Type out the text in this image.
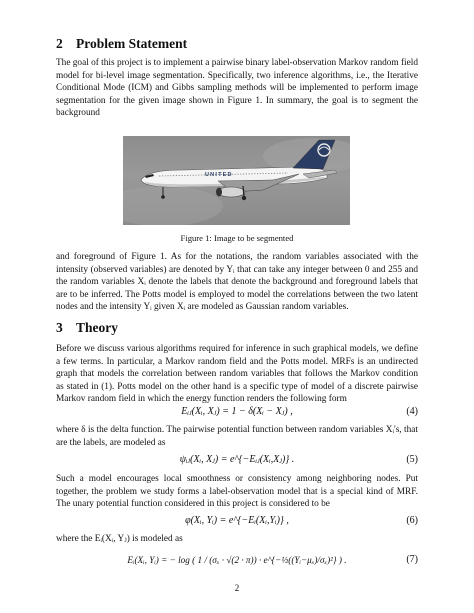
2 Problem Statement

The goal of this project is to implement a pairwise binary label-observation Markov random field model for bi-level image segmentation. Specifically, two inference algorithms, i.e., the Iterative Conditional Mode (ICM) and Gibbs sampling methods will be implemented to perform image segmentation for the given image shown in Figure 1. In summary, the goal is to segment the background

UNITED
Figure 1: Image to be segmented

and foreground of Figure 1. As for the notations, the random variables associated with the intensity (observed variables) are denoted by Yᵢ that can take any integer between 0 and 255 and the random variables Xᵢ denote the labels that denote the background and foreground labels that are to be inferred. The Potts model is employed to model the correlations between the two latent nodes and the intensity Yᵢ given Xᵢ are modeled as Gaussian random variables.

3 Theory

Before we discuss various algorithms required for inference in such graphical models, we define a few terms. In particular, a Markov random field and the Potts model. MRFs is an undirected graph that models the correlation between random variables that follows the Markov condition as stated in (1). Potts model on the other hand is a specific type of model of a discrete pairwise Markov random field in which the energy function renders the following form

Eᵢⱼ(Xᵢ, Xⱼ) = 1 − δ(Xᵢ − Xⱼ) ,	(4)

where δ is the delta function. The pairwise potential function between random variables Xᵢ's, that are the labels, are modeled as

ψᵢⱼ(Xᵢ, Xⱼ) = e^{−Eᵢⱼ(Xᵢ,Xⱼ)} .	(5)

Such a model encourages local smoothness or consistency among neighboring nodes. Put together, the problem we study forms a label-observation model that is a special kind of MRF. The unary potential function considered in this project is considered to be

φ(Xᵢ, Yᵢ) = e^{−Eᵢ(Xᵢ,Yᵢ)} ,	(6)

where the Eᵢ(Xᵢ, Yⱼ) is modeled as

Eᵢ(Xᵢ, Yᵢ) = − log ( 1 / (σₓ · √(2 · π)) · e^{−½((Yᵢ−μₓ)/σₓ)²} ) .	(7)
2
